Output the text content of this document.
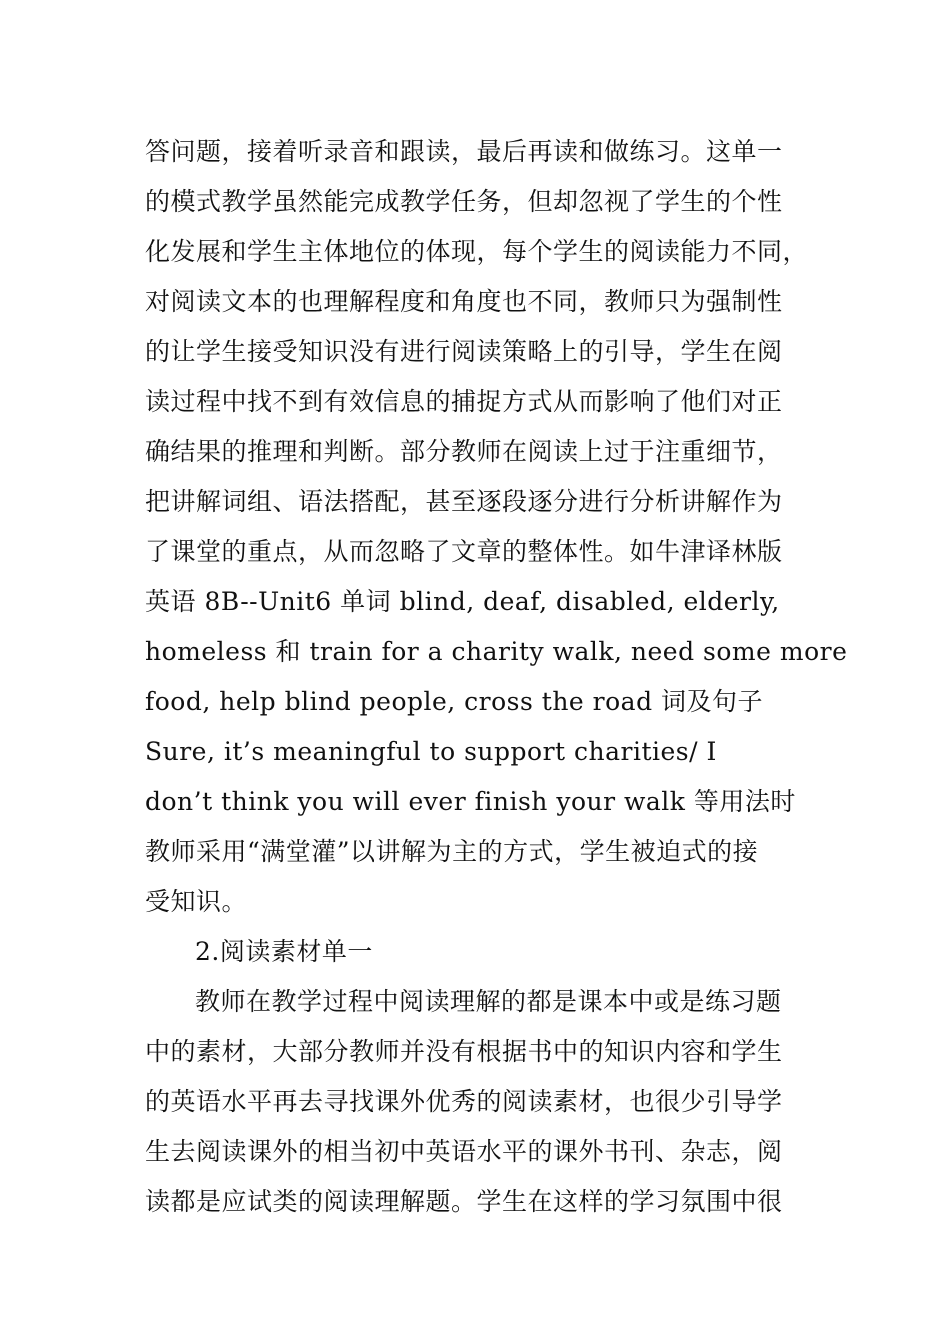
答问题，接着听录音和跟读，最后再读和做练习。这单一
的模式教学虽然能完成教学任务，但却忽视了学生的个性
化发展和学生主体地位的体现，每个学生的阅读能力不同，
对阅读文本的也理解程度和角度也不同，教师只为强制性
的让学生接受知识没有进行阅读策略上的引导，学生在阅
读过程中找不到有效信息的捕捉方式从而影响了他们对正
确结果的推理和判断。部分教师在阅读上过于注重细节，
把讲解词组、语法搭配，甚至逐段逐分进行分析讲解作为
了课堂的重点，从而忽略了文章的整体性。如牛津译林版
英语 8B--Unit6 单词 blind, deaf, disabled, elderly,
homeless 和 train for a charity walk, need some more
food, help blind people, cross the road 词及句子
Sure, it’s meaningful to support charities/ I
don’t think you will ever finish your walk 等用法时
教师采用“满堂灌”以讲解为主的方式，学生被迫式的接
受知识。
2.阅读素材单一
教师在教学过程中阅读理解的都是课本中或是练习题
中的素材，大部分教师并没有根据书中的知识内容和学生
的英语水平再去寻找课外优秀的阅读素材，也很少引导学
生去阅读课外的相当初中英语水平的课外书刊、杂志，阅
读都是应试类的阅读理解题。学生在这样的学习氛围中很
